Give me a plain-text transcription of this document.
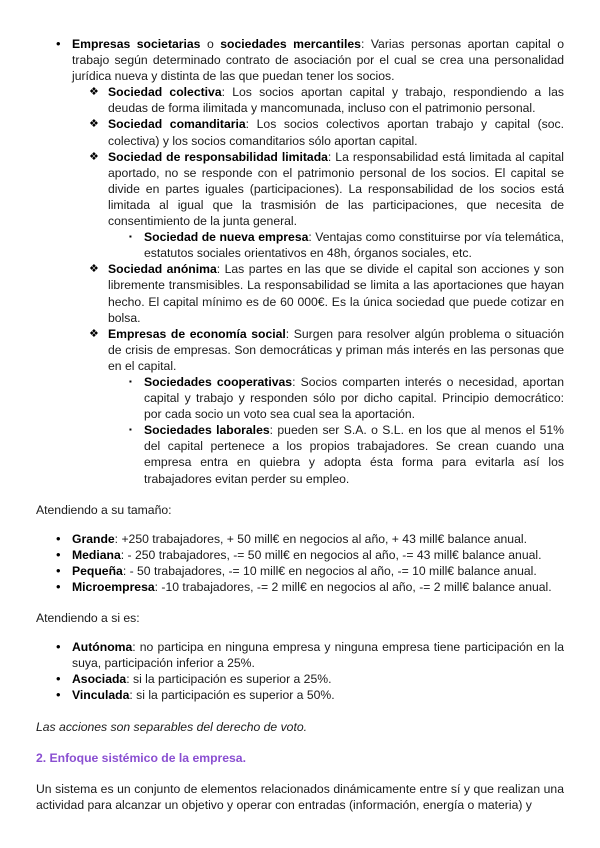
• Empresas societarias o sociedades mercantiles: Varias personas aportan capital o trabajo según determinado contrato de asociación por el cual se crea una personalidad jurídica nueva y distinta de las que puedan tener los socios.
❖ Sociedad colectiva: Los socios aportan capital y trabajo, respondiendo a las deudas de forma ilimitada y mancomunada, incluso con el patrimonio personal.
❖ Sociedad comanditaria: Los socios colectivos aportan trabajo y capital (soc. colectiva) y los socios comanditarios sólo aportan capital.
❖ Sociedad de responsabilidad limitada: La responsabilidad está limitada al capital aportado, no se responde con el patrimonio personal de los socios. El capital se divide en partes iguales (participaciones). La responsabilidad de los socios está limitada al igual que la trasmisión de las participaciones, que necesita de consentimiento de la junta general.
▪ Sociedad de nueva empresa: Ventajas como constituirse por vía telemática, estatutos sociales orientativos en 48h, órganos sociales, etc.
❖ Sociedad anónima: Las partes en las que se divide el capital son acciones y son libremente transmisibles. La responsabilidad se limita a las aportaciones que hayan hecho. El capital mínimo es de 60 000€. Es la única sociedad que puede cotizar en bolsa.
❖ Empresas de economía social: Surgen para resolver algún problema o situación de crisis de empresas. Son democráticas y priman más interés en las personas que en el capital.
▪ Sociedades cooperativas: Socios comparten interés o necesidad, aportan capital y trabajo y responden sólo por dicho capital. Principio democrático: por cada socio un voto sea cual sea la aportación.
▪ Sociedades laborales: pueden ser S.A. o S.L. en los que al menos el 51% del capital pertenece a los propios trabajadores. Se crean cuando una empresa entra en quiebra y adopta ésta forma para evitarla así los trabajadores evitan perder su empleo.

Atendiendo a su tamaño:

• Grande: +250 trabajadores, + 50 mill€ en negocios al año, + 43 mill€ balance anual.
• Mediana: - 250 trabajadores, -= 50 mill€ en negocios al año, -= 43 mill€ balance anual.
• Pequeña: - 50 trabajadores, -= 10 mill€ en negocios al año, -= 10 mill€ balance anual.
• Microempresa: -10 trabajadores, -= 2 mill€ en negocios al año, -= 2 mill€ balance anual.

Atendiendo a si es:

• Autónoma: no participa en ninguna empresa y ninguna empresa tiene participación en la suya, participación inferior a 25%.
• Asociada: si la participación es superior a 25%.
• Vinculada: si la participación es superior a 50%.

Las acciones son separables del derecho de voto.

2. Enfoque sistémico de la empresa.

Un sistema es un conjunto de elementos relacionados dinámicamente entre sí y que realizan una actividad para alcanzar un objetivo y operar con entradas (información, energía o materia) y
